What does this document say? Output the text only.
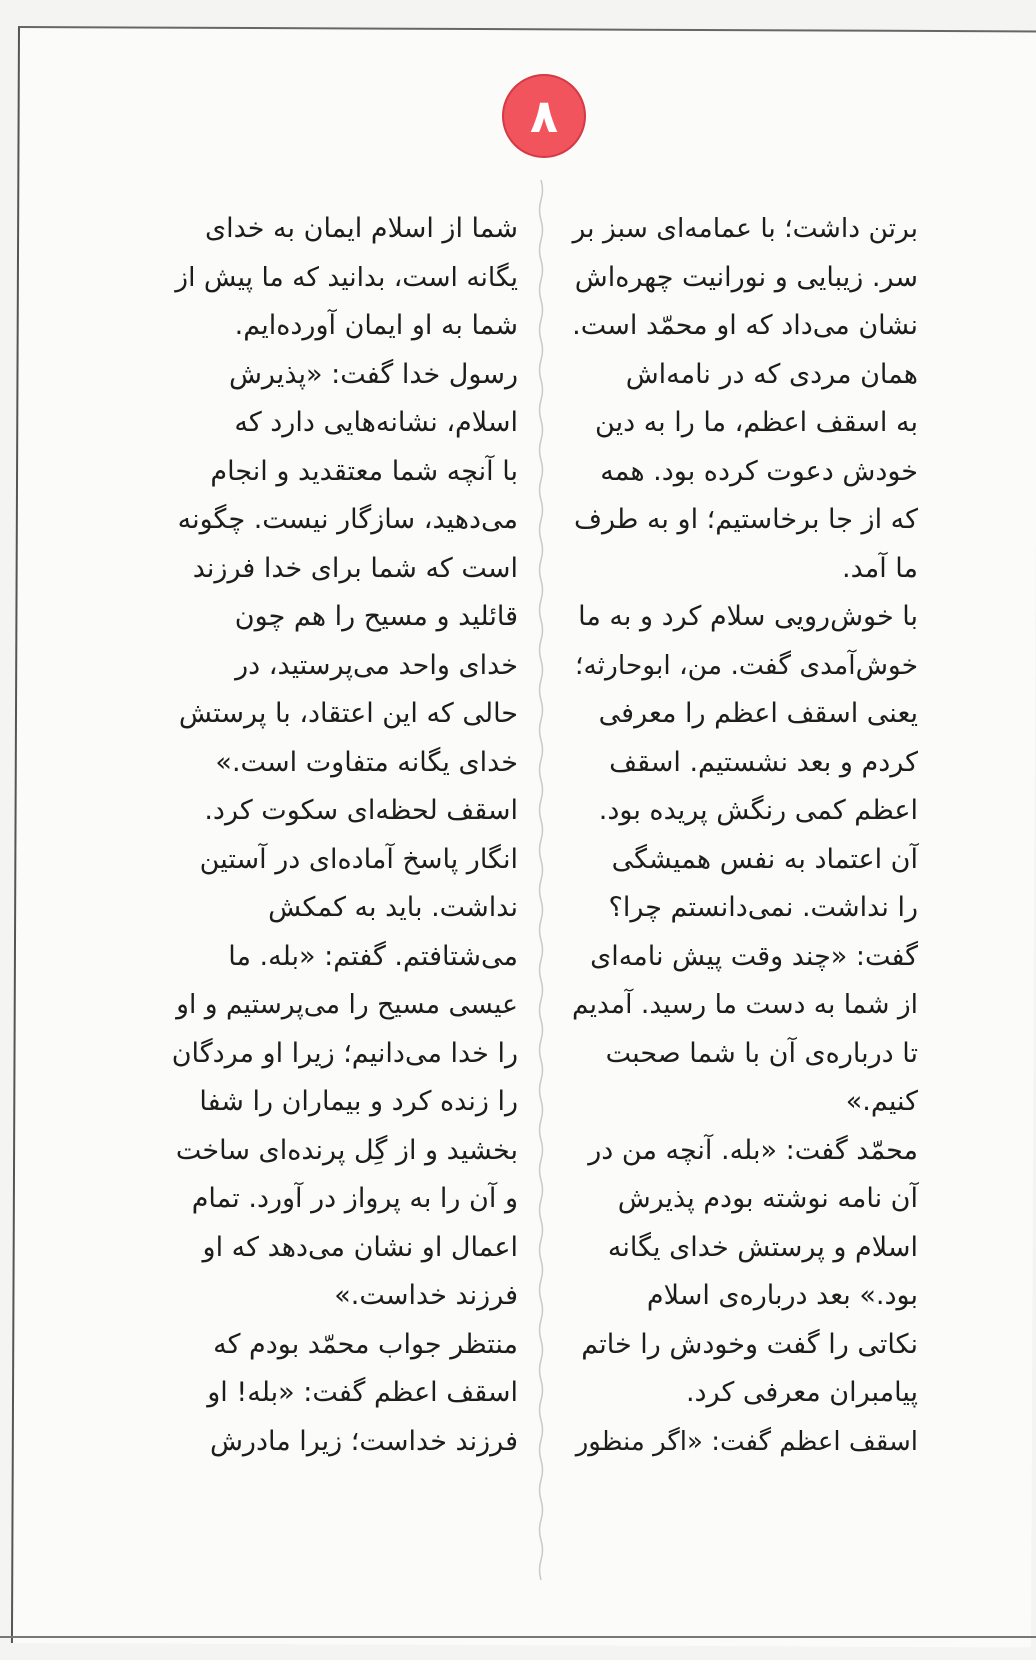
۸
برتن داشت؛ با عمامه‌ای سبز بر
سر. زیبایی و نورانیت چهره‌اش
نشان می‌داد که او محمّد است.
همان مردی که در نامه‌اش
به اسقف اعظم، ما را به دین
خودش دعوت کرده بود. همه
که از جا برخاستیم؛ او به طرف
ما آمد.
با خوش‌رویی سلام کرد و به ما
خوش‌آمدی گفت. من، ابوحارثه؛
یعنی اسقف اعظم را معرفی
کردم و بعد نشستیم. اسقف
اعظم کمی رنگش پریده بود.
آن اعتماد به نفس همیشگی
را نداشت. نمی‌دانستم چرا؟
گفت: «چند وقت پیش نامه‌ای
از شما به دست ما رسید. آمدیم
تا درباره‌ی آن با شما صحبت
کنیم.»
محمّد گفت: «بله. آنچه من در
آن نامه نوشته بودم پذیرش
اسلام و پرستش خدای یگانه
بود.» بعد درباره‌ی اسلام
نکاتی را گفت وخودش را خاتم
پیامبران معرفی کرد.
اسقف اعظم گفت: «اگر منظور
شما از اسلام ایمان به خدای
یگانه است، بدانید که ما پیش از
شما به او ایمان آورده‌ایم.
رسول خدا گفت: «پذیرش
اسلام، نشانه‌هایی دارد که
با آنچه شما معتقدید و انجام
می‌دهید، سازگار نیست. چگونه
است که شما برای خدا فرزند
قائلید و مسیح را هم چون
خدای واحد می‌پرستید، در
حالی که این اعتقاد، با پرستش
خدای یگانه متفاوت است.»
اسقف لحظه‌ای سکوت کرد.
انگار پاسخ آماده‌ای در آستین
نداشت. باید به کمکش
می‌شتافتم. گفتم: «بله. ما
عیسی مسیح را می‌پرستیم و او
را خدا می‌دانیم؛ زیرا او مردگان
را زنده کرد و بیماران را شفا
بخشید و از گِل پرنده‌ای ساخت
و آن را به پرواز در آورد. تمام
اعمال او نشان می‌دهد که او
فرزند خداست.»
منتظر جواب محمّد بودم که
اسقف اعظم گفت: «بله! او
فرزند خداست؛ زیرا مادرش
